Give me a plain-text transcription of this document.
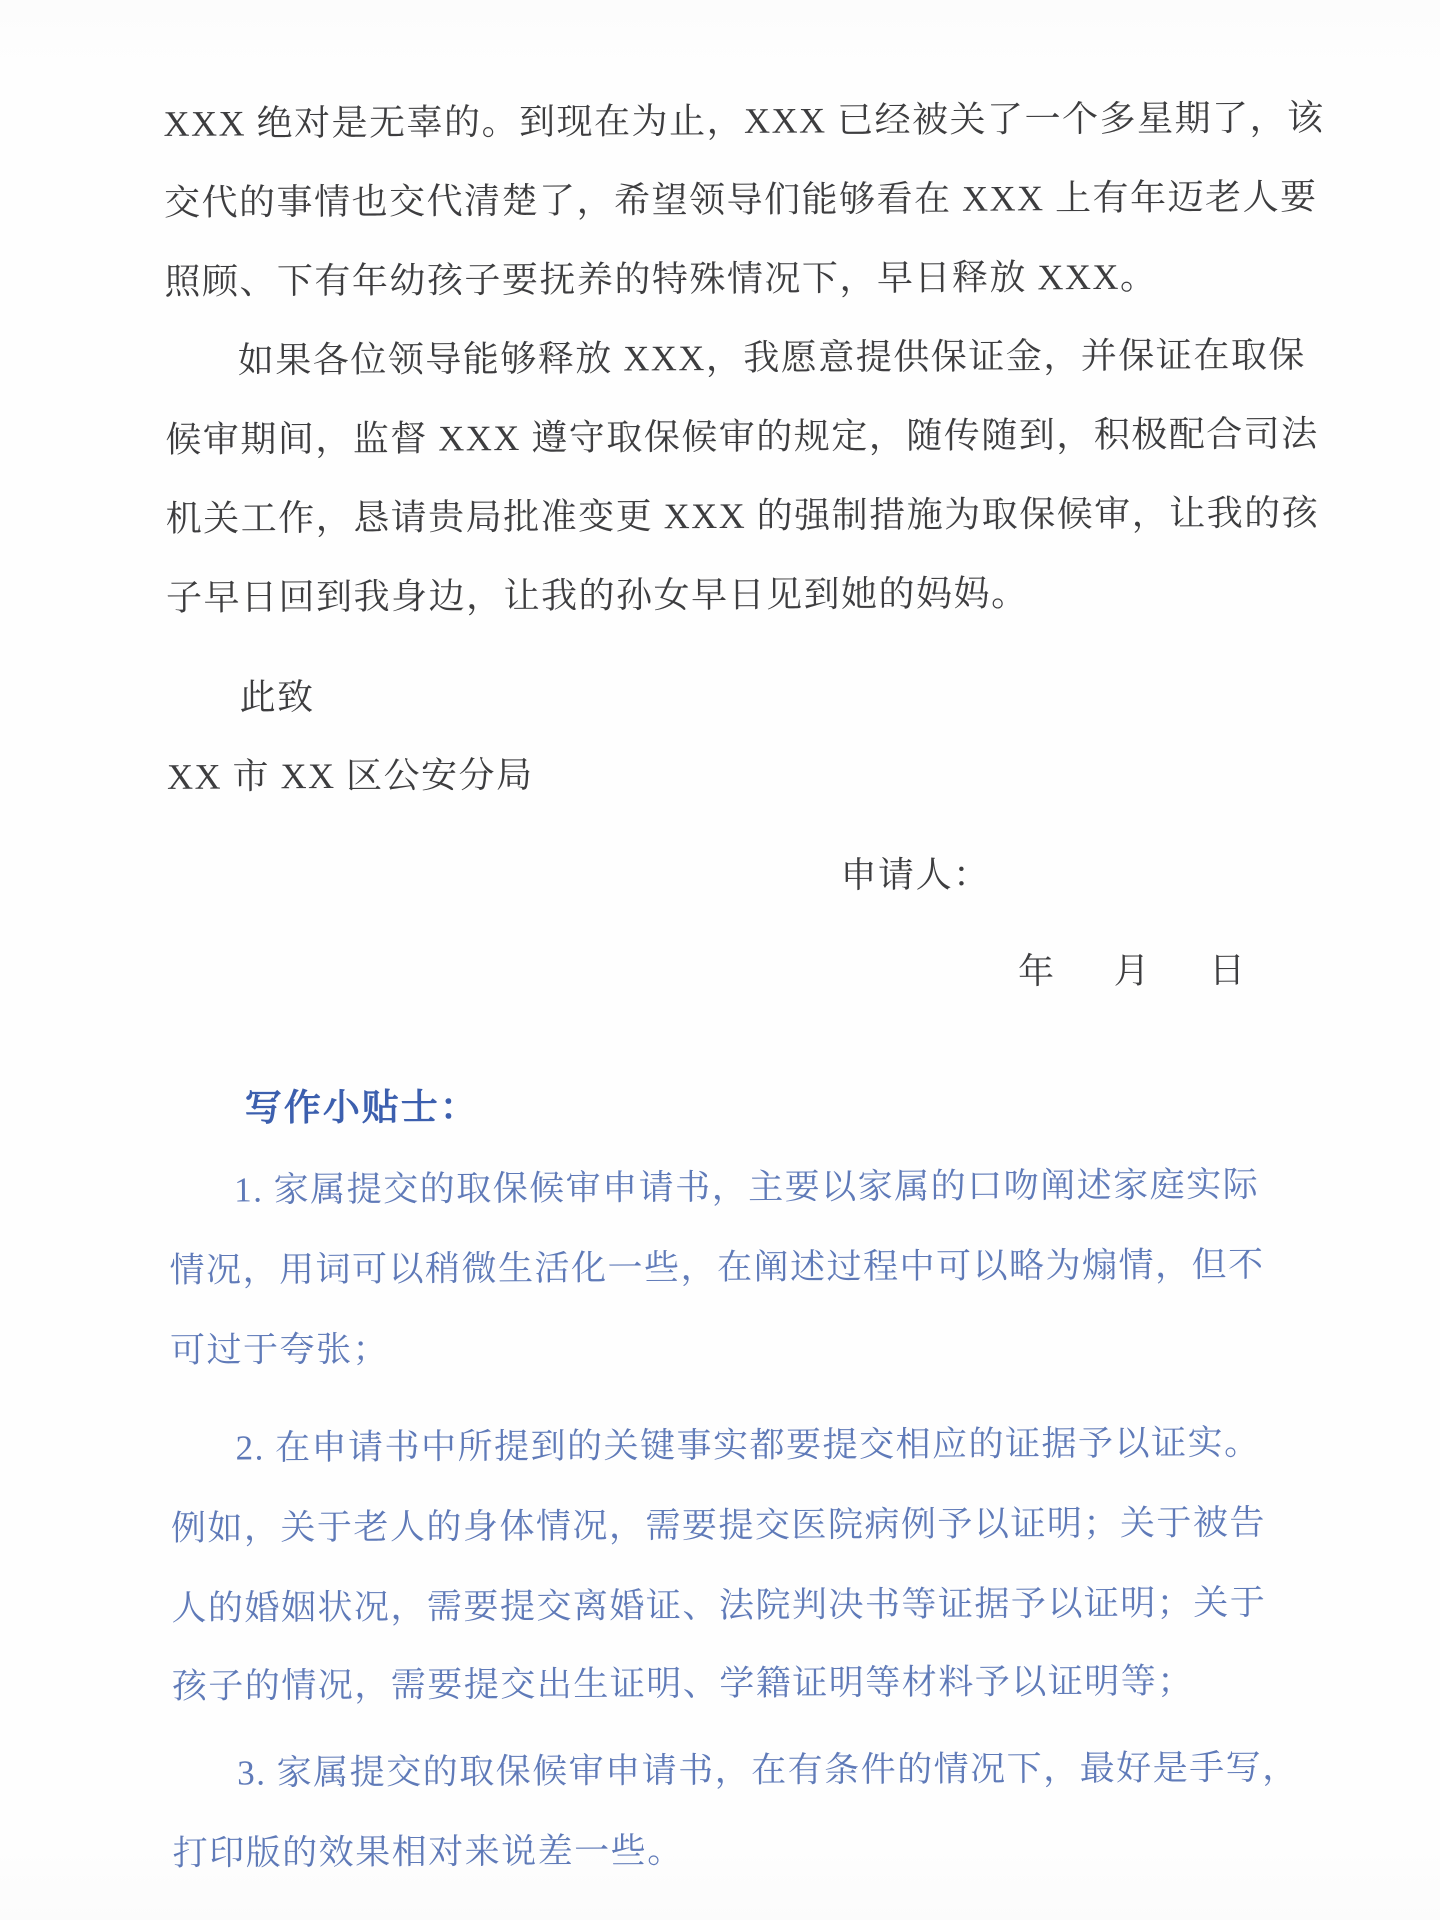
XXX 绝对是无辜的。到现在为止，XXX 已经被关了一个多星期了，该
交代的事情也交代清楚了，希望领导们能够看在 XXX 上有年迈老人要
照顾、下有年幼孩子要抚养的特殊情况下，早日释放 XXX。
如果各位领导能够释放 XXX，我愿意提供保证金，并保证在取保
候审期间，监督 XXX 遵守取保候审的规定，随传随到，积极配合司法
机关工作，恳请贵局批准变更 XXX 的强制措施为取保候审，让我的孩
子早日回到我身边，让我的孙女早日见到她的妈妈。
此致
XX 市 XX 区公安分局
申请人：
年 月 日
写作小贴士：
1. 家属提交的取保候审申请书，主要以家属的口吻阐述家庭实际
情况，用词可以稍微生活化一些，在阐述过程中可以略为煽情，但不
可过于夸张；
2. 在申请书中所提到的关键事实都要提交相应的证据予以证实。
例如，关于老人的身体情况，需要提交医院病例予以证明；关于被告
人的婚姻状况，需要提交离婚证、法院判决书等证据予以证明；关于
孩子的情况，需要提交出生证明、学籍证明等材料予以证明等；
3. 家属提交的取保候审申请书，在有条件的情况下，最好是手写，
打印版的效果相对来说差一些。
